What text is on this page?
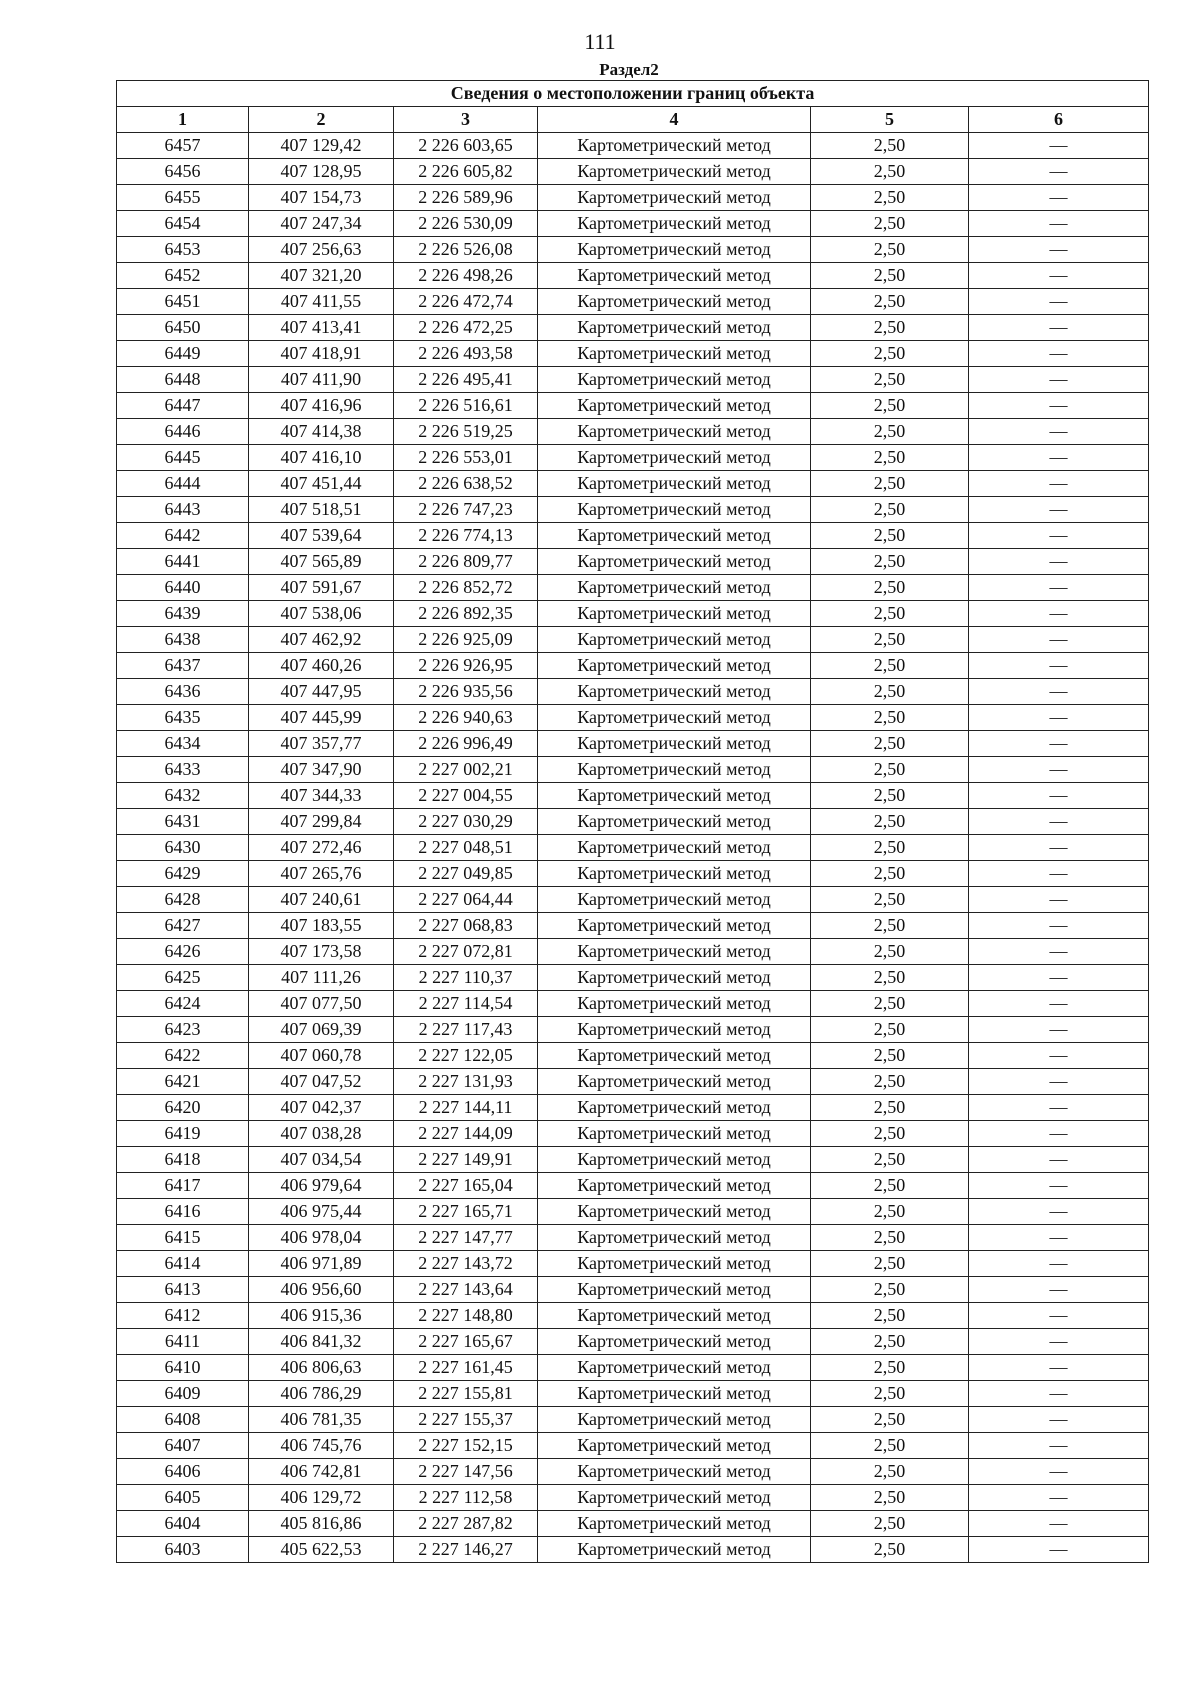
111
Раздел2
Сведения о местоположении границ объекта					
1	2	3	4	5	6
6457	407 129,42	2 226 603,65	Картометрический метод	2,50	—
6456	407 128,95	2 226 605,82	Картометрический метод	2,50	—
6455	407 154,73	2 226 589,96	Картометрический метод	2,50	—
6454	407 247,34	2 226 530,09	Картометрический метод	2,50	—
6453	407 256,63	2 226 526,08	Картометрический метод	2,50	—
6452	407 321,20	2 226 498,26	Картометрический метод	2,50	—
6451	407 411,55	2 226 472,74	Картометрический метод	2,50	—
6450	407 413,41	2 226 472,25	Картометрический метод	2,50	—
6449	407 418,91	2 226 493,58	Картометрический метод	2,50	—
6448	407 411,90	2 226 495,41	Картометрический метод	2,50	—
6447	407 416,96	2 226 516,61	Картометрический метод	2,50	—
6446	407 414,38	2 226 519,25	Картометрический метод	2,50	—
6445	407 416,10	2 226 553,01	Картометрический метод	2,50	—
6444	407 451,44	2 226 638,52	Картометрический метод	2,50	—
6443	407 518,51	2 226 747,23	Картометрический метод	2,50	—
6442	407 539,64	2 226 774,13	Картометрический метод	2,50	—
6441	407 565,89	2 226 809,77	Картометрический метод	2,50	—
6440	407 591,67	2 226 852,72	Картометрический метод	2,50	—
6439	407 538,06	2 226 892,35	Картометрический метод	2,50	—
6438	407 462,92	2 226 925,09	Картометрический метод	2,50	—
6437	407 460,26	2 226 926,95	Картометрический метод	2,50	—
6436	407 447,95	2 226 935,56	Картометрический метод	2,50	—
6435	407 445,99	2 226 940,63	Картометрический метод	2,50	—
6434	407 357,77	2 226 996,49	Картометрический метод	2,50	—
6433	407 347,90	2 227 002,21	Картометрический метод	2,50	—
6432	407 344,33	2 227 004,55	Картометрический метод	2,50	—
6431	407 299,84	2 227 030,29	Картометрический метод	2,50	—
6430	407 272,46	2 227 048,51	Картометрический метод	2,50	—
6429	407 265,76	2 227 049,85	Картометрический метод	2,50	—
6428	407 240,61	2 227 064,44	Картометрический метод	2,50	—
6427	407 183,55	2 227 068,83	Картометрический метод	2,50	—
6426	407 173,58	2 227 072,81	Картометрический метод	2,50	—
6425	407 111,26	2 227 110,37	Картометрический метод	2,50	—
6424	407 077,50	2 227 114,54	Картометрический метод	2,50	—
6423	407 069,39	2 227 117,43	Картометрический метод	2,50	—
6422	407 060,78	2 227 122,05	Картометрический метод	2,50	—
6421	407 047,52	2 227 131,93	Картометрический метод	2,50	—
6420	407 042,37	2 227 144,11	Картометрический метод	2,50	—
6419	407 038,28	2 227 144,09	Картометрический метод	2,50	—
6418	407 034,54	2 227 149,91	Картометрический метод	2,50	—
6417	406 979,64	2 227 165,04	Картометрический метод	2,50	—
6416	406 975,44	2 227 165,71	Картометрический метод	2,50	—
6415	406 978,04	2 227 147,77	Картометрический метод	2,50	—
6414	406 971,89	2 227 143,72	Картометрический метод	2,50	—
6413	406 956,60	2 227 143,64	Картометрический метод	2,50	—
6412	406 915,36	2 227 148,80	Картометрический метод	2,50	—
6411	406 841,32	2 227 165,67	Картометрический метод	2,50	—
6410	406 806,63	2 227 161,45	Картометрический метод	2,50	—
6409	406 786,29	2 227 155,81	Картометрический метод	2,50	—
6408	406 781,35	2 227 155,37	Картометрический метод	2,50	—
6407	406 745,76	2 227 152,15	Картометрический метод	2,50	—
6406	406 742,81	2 227 147,56	Картометрический метод	2,50	—
6405	406 129,72	2 227 112,58	Картометрический метод	2,50	—
6404	405 816,86	2 227 287,82	Картометрический метод	2,50	—
6403	405 622,53	2 227 146,27	Картометрический метод	2,50	—
